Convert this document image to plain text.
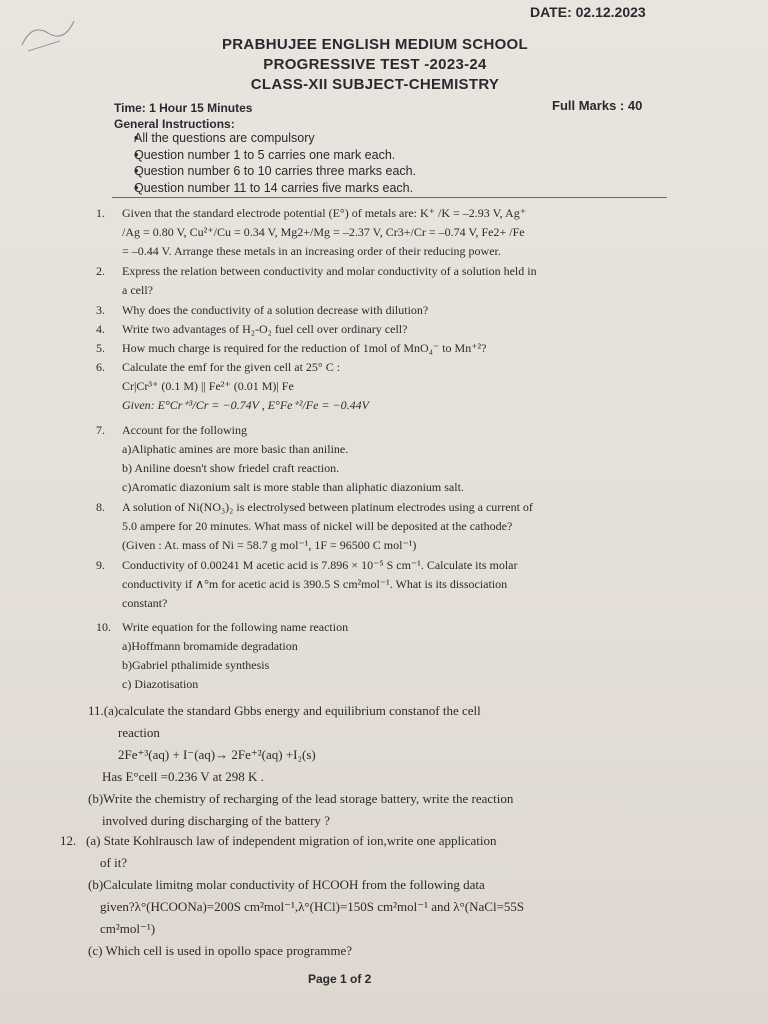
DATE: 02.12.2023
PRABHUJEE ENGLISH MEDIUM SCHOOL
PROGRESSIVE TEST -2023-24
CLASS-XII SUBJECT-CHEMISTRY
Time: 1 Hour 15 Minutes
General Instructions:
Full Marks : 40
• All the questions are compulsory
• Question number 1 to 5 carries one mark each.
• Question number 6 to 10 carries three marks each.
• Question number 11 to 14 carries five marks each.
1. Given that the standard electrode potential (E°) of metals are: K⁺ /K = –2.93 V, Ag⁺
/Ag = 0.80 V, Cu²⁺/Cu = 0.34 V, Mg2+/Mg = –2.37 V, Cr3+/Cr = –0.74 V, Fe2+ /Fe
= –0.44 V. Arrange these metals in an increasing order of their reducing power.
2. Express the relation between conductivity and molar conductivity of a solution held in
a cell?
3. Why does the conductivity of a solution decrease with dilution?
4. Write two advantages of H₂-O₂ fuel cell over ordinary cell?
5. How much charge is required for the reduction of 1mol of MnO₄⁻ to Mn⁺²?
6. Calculate the emf for the given cell at 25° C :
Cr|Cr³⁺ (0.1 M) || Fe²⁺ (0.01 M)| Fe
Given: E°Cr⁺³/Cr = −0.74V , E°Fe⁺²/Fe = −0.44V
7. Account for the following
a)Aliphatic amines are more basic than aniline.
b) Aniline doesn't show friedel craft reaction.
c)Aromatic diazonium salt is more stable than aliphatic diazonium salt.
8. A solution of Ni(NO₃)₂ is electrolysed between platinum electrodes using a current of
5.0 ampere for 20 minutes. What mass of nickel will be deposited at the cathode?
(Given : At. mass of Ni = 58.7 g mol⁻¹, 1F = 96500 C mol⁻¹)
9. Conductivity of 0.00241 M acetic acid is 7.896 × 10⁻⁵ S cm⁻¹. Calculate its molar
conductivity if ∧°m for acetic acid is 390.5 S cm²mol⁻¹. What is its dissociation
constant?
10. Write equation for the following name reaction
a)Hoffmann bromamide degradation
b)Gabriel pthalimide synthesis
c) Diazotisation
11.(a)calculate the standard Gbbs energy and equilibrium constanof the cell
reaction
2Fe⁺³(aq) + I⁻(aq)→ 2Fe⁺²(aq) +I₂(s)
Has E°cell =0.236 V at 298 K .
(b)Write the chemistry of recharging of the lead storage battery, write the reaction
involved during discharging of the battery ?
12. (a) State Kohlrausch law of independent migration of ion,write one application
of it?
(b)Calculate limitng molar conductivity of HCOOH from the following data
given?λ°(HCOONa)=200S cm²mol⁻¹,λ°(HCl)=150S cm²mol⁻¹ and λ°(NaCl=55S
cm²mol⁻¹)
(c) Which cell is used in opollo space programme?
Page 1 of 2
